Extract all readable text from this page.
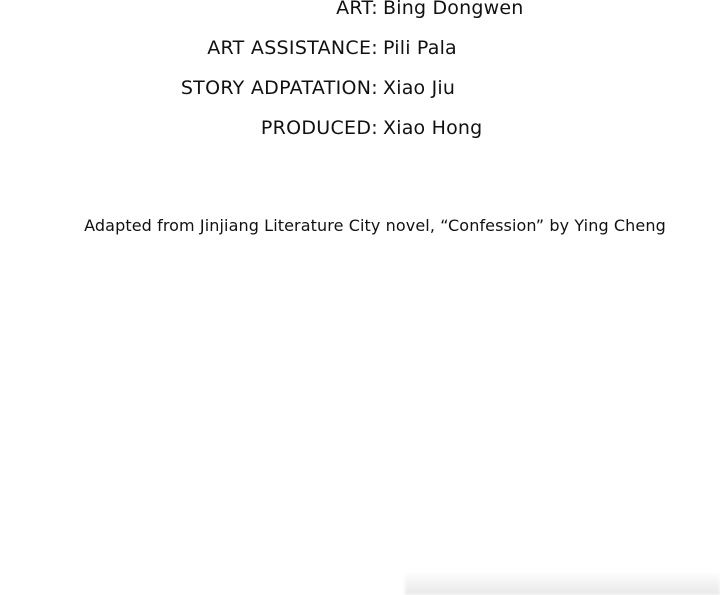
ART: Bing Dongwen
ART ASSISTANCE: Pili Pala
STORY ADPATATION: Xiao Jiu
PRODUCED: Xiao Hong
Adapted from Jinjiang Literature City novel, “Confession” by Ying Cheng
